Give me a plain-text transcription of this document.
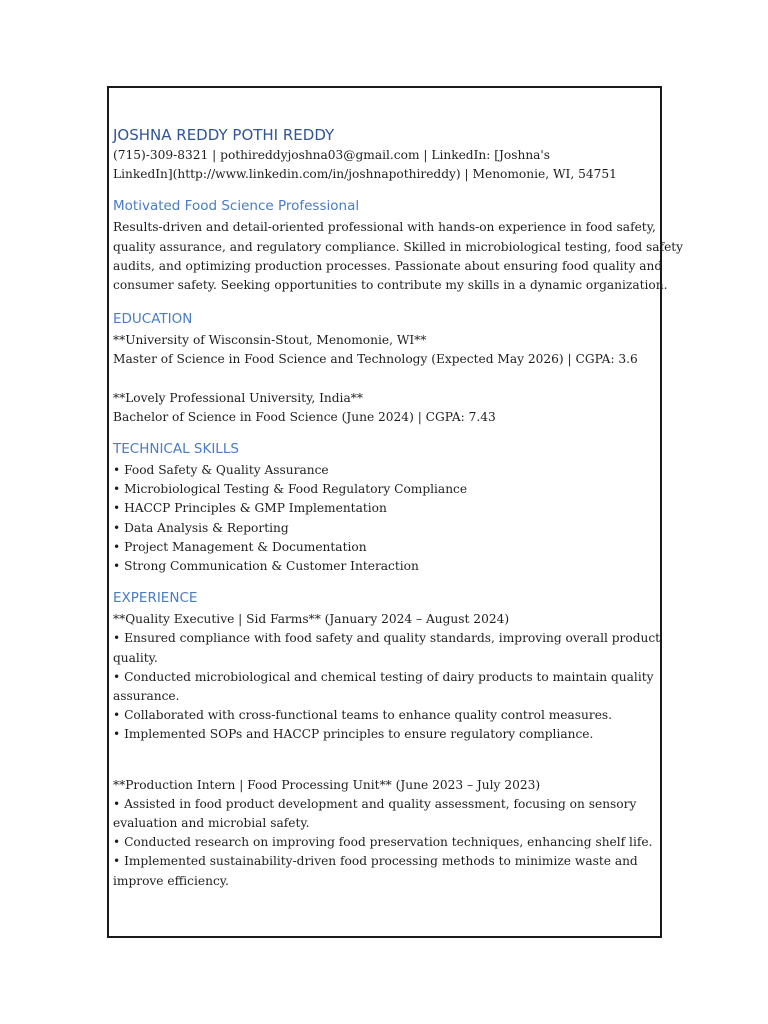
JOSHNA REDDY POTHI REDDY
(715)-309-8321 | pothireddyjoshna03@gmail.com | LinkedIn: [Joshna's
LinkedIn](http://www.linkedin.com/in/joshnapothireddy) | Menomonie, WI, 54751
Motivated Food Science Professional
Results-driven and detail-oriented professional with hands-on experience in food safety,
quality assurance, and regulatory compliance. Skilled in microbiological testing, food safety
audits, and optimizing production processes. Passionate about ensuring food quality and
consumer safety. Seeking opportunities to contribute my skills in a dynamic organization.
EDUCATION
**University of Wisconsin-Stout, Menomonie, WI**
Master of Science in Food Science and Technology (Expected May 2026) | CGPA: 3.6
**Lovely Professional University, India**
Bachelor of Science in Food Science (June 2024) | CGPA: 7.43
TECHNICAL SKILLS
• Food Safety & Quality Assurance
• Microbiological Testing & Food Regulatory Compliance
• HACCP Principles & GMP Implementation
• Data Analysis & Reporting
• Project Management & Documentation
• Strong Communication & Customer Interaction
EXPERIENCE
**Quality Executive | Sid Farms** (January 2024 – August 2024)
• Ensured compliance with food safety and quality standards, improving overall product
quality.
• Conducted microbiological and chemical testing of dairy products to maintain quality
assurance.
• Collaborated with cross-functional teams to enhance quality control measures.
• Implemented SOPs and HACCP principles to ensure regulatory compliance.
**Production Intern | Food Processing Unit** (June 2023 – July 2023)
• Assisted in food product development and quality assessment, focusing on sensory
evaluation and microbial safety.
• Conducted research on improving food preservation techniques, enhancing shelf life.
• Implemented sustainability-driven food processing methods to minimize waste and
improve efficiency.
